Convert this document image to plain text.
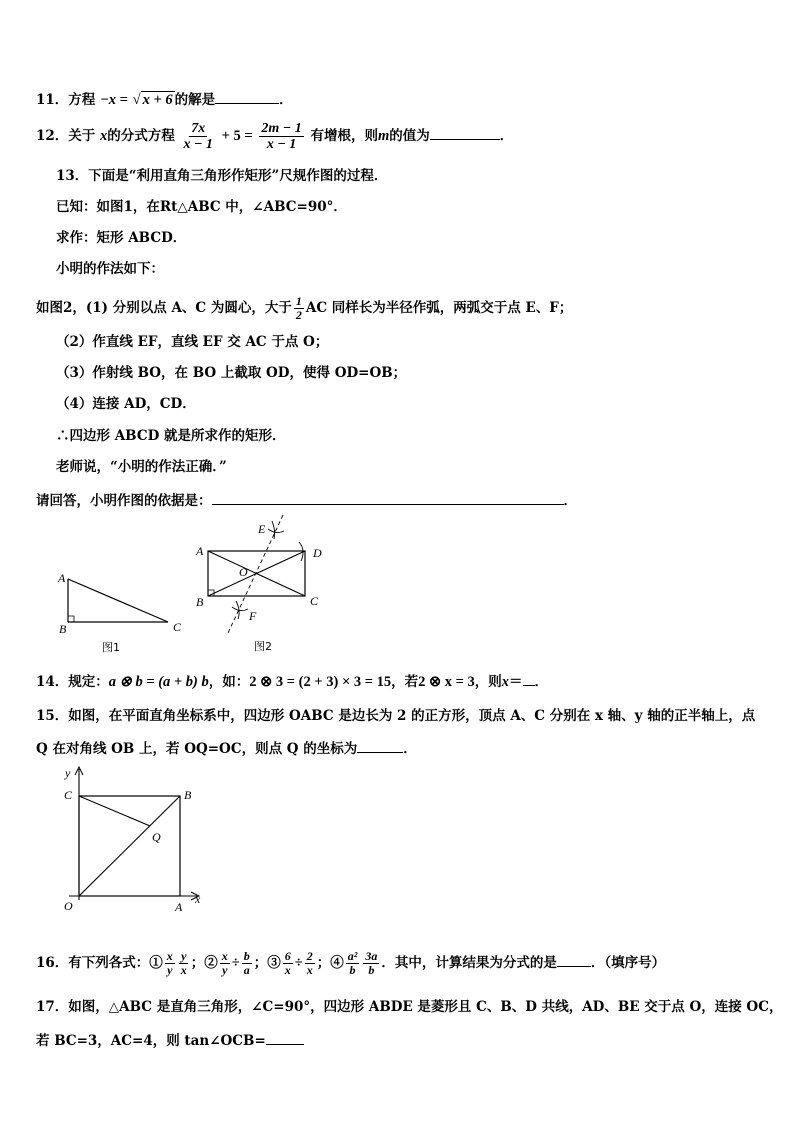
11．方程 −x = √ x + 6 的解是	．
12．关于 x的分式方程 $\frac{7x}{x - 1} + 5 = \frac{2m - 1}{x - 1}$ 有增根，则m的值为	．
13．下面是“利用直角三角形作矩形”尺规作图的过程．
已知：如图1，在Rt△ABC 中，∠ABC=90°．
求作：矩形 ABCD．
小明的作法如下：
如图2，(1) 分别以点 A、C 为圆心，大于 $\frac{1}{2}$ AC 同样长为半径作弧，两弧交于点 E、F；
（2）作直线 EF，直线 EF 交 AC 于点 O；
（3）作射线 BO，在 BO 上截取 OD，使得 OD=OB；
（4）连接 AD，CD．
∴四边形 ABCD 就是所求作的矩形．
老师说，“小明的作法正确．”
请回答，小明作图的依据是：	．
A
B	C
图1
A
B	C
D
E
F
O
图2
14．规定：a ⊗ b = (a + b) b，如：2 ⊗ 3 = (2 + 3) × 3 = 15，若2 ⊗ x = 3，则x＝ ．
15．如图，在平面直角坐标系中，四边形 OABC 是边长为 2 的正方形，顶点 A、C 分别在 x 轴、y 轴的正半轴上，点
Q 在对角线 OB 上，若 OQ=OC，则点 Q 的坐标为	．
y
x
C	B
Q
O	A
16．有下列各式：① $\frac{x}{y} \frac{y}{x}$ ；② $\frac{x}{y} \div \frac{b}{a}$ ；③ $\frac{6}{x} \div \frac{2}{x}$ ；④ $\frac{\text{a²}}{b} \frac{3a}{b}$ ．其中，计算结果为分式的是	．（填序号）
17．如图，△ABC 是直角三角形，∠C=90°，四边形 ABDE 是菱形且 C、B、D 共线，AD、BE 交于点 O，连接 OC，
若 BC=3，AC=4，则 tan∠OCB=
